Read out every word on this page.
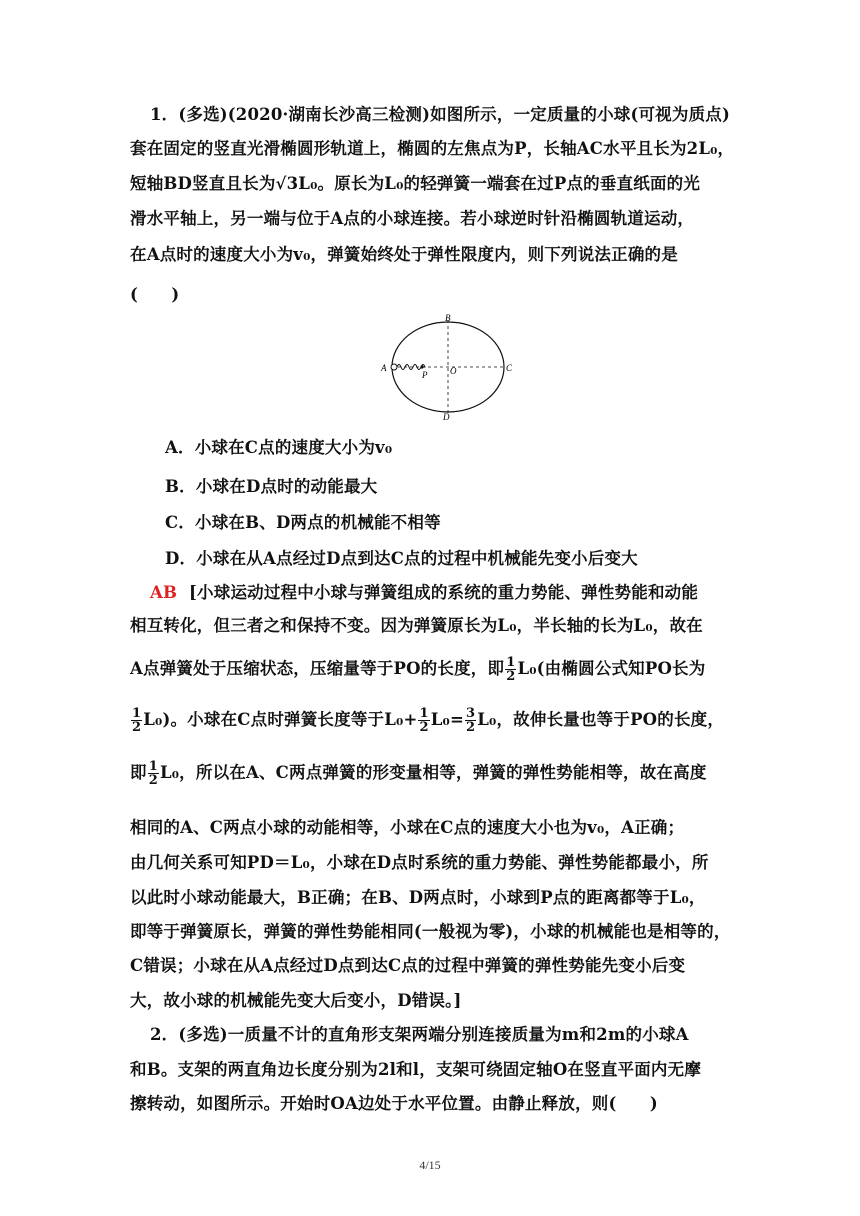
1．(多选)(2020·湖南长沙高三检测)如图所示，一定质量的小球(可视为质点)
套在固定的竖直光滑椭圆形轨道上，椭圆的左焦点为P，长轴AC水平且长为2L₀，
短轴BD竖直且长为√3L₀。原长为L₀的轻弹簧一端套在过P点的垂直纸面的光
滑水平轴上，另一端与位于A点的小球连接。若小球逆时针沿椭圆轨道运动，
在A点时的速度大小为v₀，弹簧始终处于弹性限度内，则下列说法正确的是
(　　)
A	C
B
D
P	O
A．小球在C点的速度大小为v₀
B．小球在D点时的动能最大
C．小球在B、D两点的机械能不相等
D．小球在从A点经过D点到达C点的过程中机械能先变小后变大
AB [小球运动过程中小球与弹簧组成的系统的重力势能、弹性势能和动能
相互转化，但三者之和保持不变。因为弹簧原长为L₀，半长轴的长为L₀，故在
A点弹簧处于压缩状态，压缩量等于PO的长度，即 $\frac{1}{2} L_0$(由椭圆公式知PO长为
$\frac{1}{2} L_0$)。小球在C点时弹簧长度等于$L_0+ \frac{1}{2} L_0= \frac{3}{2} L_0$，故伸长量也等于PO的长度，
即 $\frac{1}{2} L_0$，所以在A、C两点弹簧的形变量相等，弹簧的弹性势能相等，故在高度
相同的A、C两点小球的动能相等，小球在C点的速度大小也为v₀，A正确；
由几何关系可知PD＝L₀，小球在D点时系统的重力势能、弹性势能都最小，所
以此时小球动能最大，B正确；在B、D两点时，小球到P点的距离都等于L₀，
即等于弹簧原长，弹簧的弹性势能相同(一般视为零)，小球的机械能也是相等的，
C错误；小球在从A点经过D点到达C点的过程中弹簧的弹性势能先变小后变
大，故小球的机械能先变大后变小，D错误。]
2．(多选)一质量不计的直角形支架两端分别连接质量为m和2m的小球A
和B。支架的两直角边长度分别为2l和l，支架可绕固定轴O在竖直平面内无摩
擦转动，如图所示。开始时OA边处于水平位置。由静止释放，则(　　)
4/15
